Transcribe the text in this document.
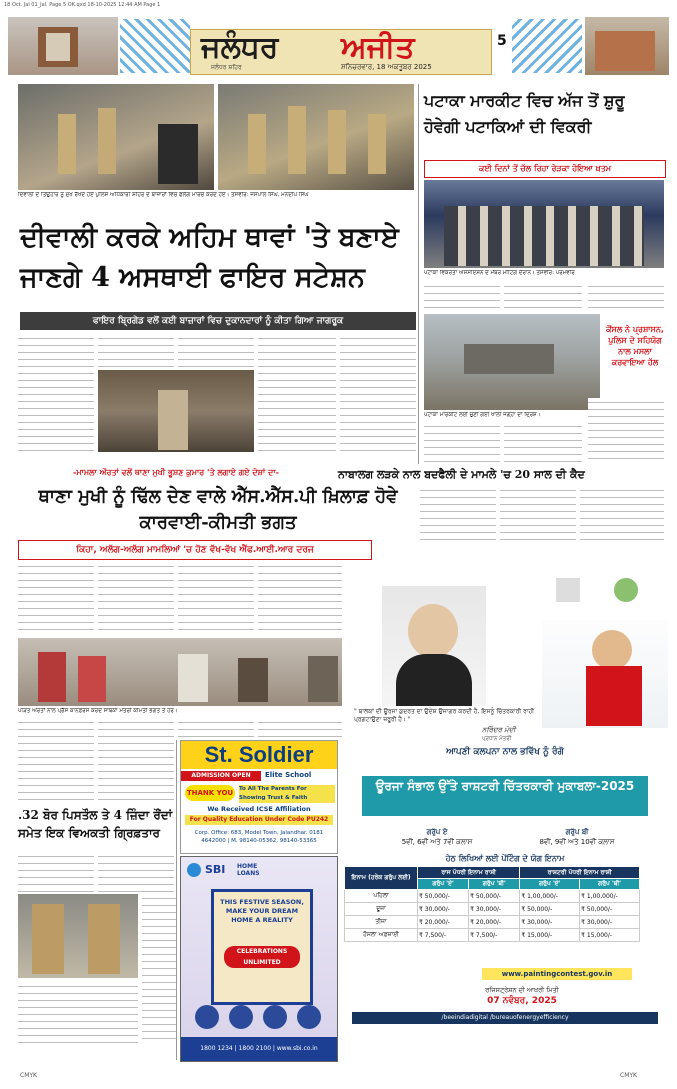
18 Oct. Jal 01_Jal. Page 5 OK.qxd 18-10-2025 12:44 AM Page 1
ਜਲੰਧਰ ਅਜੀਤ
ਜਲੰਧਰ ਸ਼ਹਿਰ	ਸ਼ਨਿਚਰਵਾਰ, 18 ਅਕਤੂਬਰ 2025
5
ਦਿਵਾਲੀ ਦੇ ਤਿਉਹਾਰ ਨੂੰ ਮੁੱਖ ਰੱਖਦੇ ਹੋਏ ਪੁਲਿਸ ਅਧਿਕਾਰੀ ਸ਼ਹਿਰ ਦੇ ਬਾਜ਼ਾਰਾਂ ਵਿਚ ਫਲੈਗ ਮਾਰਚ ਕਰਦੇ ਹੋਏ। ਤਸਵੀਰ: ਜਸਪਾਲ ਸਿੰਘ, ਮਨਦੀਪ ਸਿੰਘ
ਦੀਵਾਲੀ ਕਰਕੇ ਅਹਿਮ ਥਾਵਾਂ 'ਤੇ ਬਣਾਏ ਜਾਣਗੇ 4 ਅਸਥਾਈ ਫਾਇਰ ਸਟੇਸ਼ਨ
ਫਾਇਰ ਬ੍ਰਿਗੇਡ ਵਲੋਂ ਕਈ ਬਾਜ਼ਾਰਾਂ ਵਿਚ ਦੁਕਾਨਦਾਰਾਂ ਨੂੰ ਕੀਤਾ ਗਿਆ ਜਾਗਰੂਕ
ਪਟਾਕਾ ਮਾਰਕੀਟ ਵਿਚ ਅੱਜ ਤੋਂ ਸ਼ੁਰੂ ਹੋਵੇਗੀ ਪਟਾਕਿਆਂ ਦੀ ਵਿਕਰੀ
ਕਈ ਦਿਨਾਂ ਤੋਂ ਚੱਲ ਰਿਹਾ ਰੇੜਕਾ ਹੋਇਆ ਖ਼ਤਮ
ਪਟਾਕਾ ਵਿਕਰੇਤਾ ਐਸੋਸੀਏਸ਼ਨ ਦੇ ਮੈਂਬਰ ਮੀਟਿੰਗ ਦੌਰਾਨ। ਤਸਵੀਰ: ਪਰਮਵੀਰ
ਪਟਾਕਾ ਮਾਰਕੀਟ ਲਈ ਚੁਣੀ ਗਈ ਖਾਲੀ ਜਗ੍ਹਾ ਦਾ ਦ੍ਰਿਸ਼।
ਕੌਂਸਲ ਨੇ ਪ੍ਰਸ਼ਾਸਨ, ਪੁਲਿਸ ਦੇ ਸਹਿਯੋਗ ਨਾਲ ਮਸਲਾ ਕਰਵਾਇਆ ਹੱਲ
ਨਾਬਾਲਗ ਲੜਕੇ ਨਾਲ ਬਦਫੈਲੀ ਦੇ ਮਾਮਲੇ 'ਚ 20 ਸਾਲ ਦੀ ਕੈਦ
-ਮਾਮਲਾ ਔਰਤਾਂ ਵਲੋਂ ਥਾਣਾ ਮੁਖੀ ਭੂਸ਼ਣ ਕੁਮਾਰ 'ਤੇ ਲਗਾਏ ਗਏ ਦੋਸ਼ਾਂ ਦਾ-
ਥਾਣਾ ਮੁਖੀ ਨੂੰ ਢਿੱਲ ਦੇਣ ਵਾਲੇ ਐੱਸ.ਐੱਸ.ਪੀ ਖ਼ਿਲਾਫ਼ ਹੋਵੇ ਕਾਰਵਾਈ-ਕੀਮਤੀ ਭਗਤ
ਕਿਹਾ, ਅਲੱਗ-ਅਲੱਗ ਮਾਮਲਿਆਂ 'ਚ ਹੋਣ ਵੱਖ-ਵੱਖ ਐੱਫ.ਆਈ.ਆਰ ਦਰਜ
ਪੀੜਤ ਔਰਤਾਂ ਨਾਲ ਪ੍ਰੈੱਸ ਕਾਨਫ਼ਰੰਸ ਕਰਦੇ ਸਾਬਕਾ ਮੰਤਰੀ ਕੀਮਤੀ ਭਗਤ ਤੇ ਹੋਰ।
St. Soldier
ADMISSION OPEN	Elite School
THANK YOU	To All The Parents For Showing Trust & Faith
We Received ICSE Affiliation
For Quality Education Under Code PU242
Corp. Office: 683, Model Town, Jalandhar. 0181 4642000 | M. 98140-05362, 98140-53365
.32 ਬੋਰ ਪਿਸਤੌਲ ਤੇ 4 ਜ਼ਿੰਦਾ ਰੌਂਦਾਂ ਸਮੇਤ ਇਕ ਵਿਅਕਤੀ ਗ੍ਰਿਫ਼ਤਾਰ
SBI HOME LOANS
THIS FESTIVE SEASON, MAKE YOUR DREAM HOME A REALITY
CELEBRATIONS UNLIMITED
1800 1234 | 1800 2100 | www.sbi.co.in
" ਬਾਲਕਾਂ ਦੀ ਊਰਜਾ ਕੁਦਰਤ ਦਾ ਉਦੇਸ਼ ਉਜਾਗਰ ਕਰਦੀ ਹੈ, ਇਸਨੂੰ ਚਿੱਤਰਕਾਰੀ ਰਾਹੀਂ ਪ੍ਰਗਟਾਉਣਾ ਜ਼ਰੂਰੀ ਹੈ। "
ਨਰਿੰਦਰ ਮੋਦੀ
ਪ੍ਰਧਾਨ ਮੰਤਰੀ
ਆਪਣੀ ਕਲਪਨਾ ਨਾਲ ਭਵਿੱਖ ਨੂੰ ਰੰਗੋ
ਊਰਜਾ ਸੰਭਾਲ ਉੱਤੇ ਰਾਸ਼ਟਰੀ ਚਿੱਤਰਕਾਰੀ ਮੁਕਾਬਲਾ-2025
ਗਰੁੱਪ ਏ
5ਵੀਂ, 6ਵੀਂ ਅਤੇ 7ਵੀਂ ਕਲਾਸ
ਗਰੁੱਪ ਬੀ
8ਵੀਂ, 9ਵੀਂ ਅਤੇ 10ਵੀਂ ਕਲਾਸ
ਹੇਠ ਲਿਖਿਆਂ ਲਈ ਪੇਂਟਿੰਗ ਦੇ ਯੋਗ ਇਨਾਮ
ਇਨਾਮ (ਹਰੇਕ ਗਰੁੱਪ ਲਈ)	ਰਾਜ ਪੱਧਰੀ ਇਨਾਮ ਰਾਸ਼ੀ		ਰਾਸ਼ਟਰੀ ਪੱਧਰੀ ਇਨਾਮ ਰਾਸ਼ੀ	
	ਗਰੁੱਪ 'ਏ'	ਗਰੁੱਪ 'ਬੀ'	ਗਰੁੱਪ 'ਏ'	ਗਰੁੱਪ 'ਬੀ'
ਪਹਿਲਾ	₹ 50,000/-	₹ 50,000/-	₹ 1,00,000/-	₹ 1,00,000/-
ਦੂਜਾ	₹ 30,000/-	₹ 30,000/-	₹ 50,000/-	₹ 50,000/-
ਤੀਜਾ	₹ 20,000/-	₹ 20,000/-	₹ 30,000/-	₹ 30,000/-
ਹੌਸਲਾ ਅਫ਼ਜ਼ਾਈ	₹ 7,500/-	₹ 7,500/-	₹ 15,000/-	₹ 15,000/-
www.paintingcontest.gov.in
ਰਜਿਸਟ੍ਰੇਸ਼ਨ ਦੀ ਆਖ਼ਰੀ ਮਿਤੀ
07 ਨਵੰਬਰ, 2025
/beeindiadigital /bureauofenergyefficiency
CMYK	CMYK
